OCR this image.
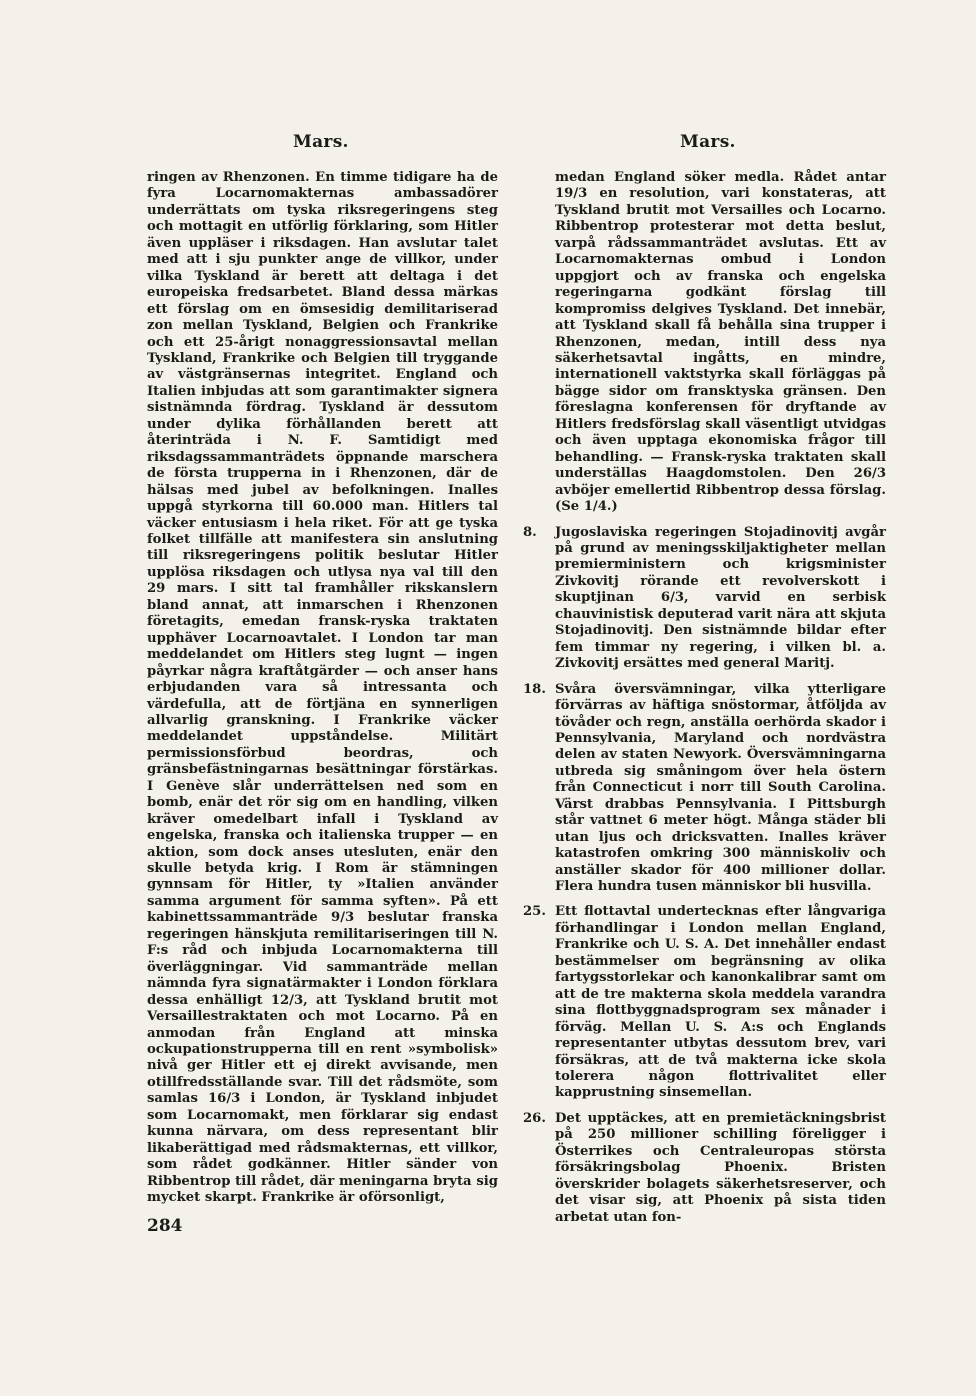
Mars.	Mars.

ringen av Rhenzonen. En timme tidigare ha de fyra Locarnomakternas ambassadörer underrättats om tyska riksregeringens steg och mottagit en utförlig förklaring, som Hitler även uppläser i riksdagen. Han avslutar talet med att i sju punkter ange de villkor, under vilka Tyskland är berett att deltaga i det europeiska fredsarbetet. Bland dessa märkas ett förslag om en ömsesidig demilitariserad zon mellan Tyskland, Belgien och Frankrike och ett 25-årigt nonaggressionsavtal mellan Tyskland, Frankrike och Belgien till tryggande av västgränsernas integritet. England och Italien inbjudas att som garantimakter signera sistnämnda fördrag. Tyskland är dessutom under dylika förhållanden berett att återinträda i N. F. Samtidigt med riksdagssammanträdets öppnande marschera de första trupperna in i Rhenzonen, där de hälsas med jubel av befolkningen. Inalles uppgå styrkorna till 60.000 man. Hitlers tal väcker entusiasm i hela riket. För att ge tyska folket tillfälle att manifestera sin anslutning till riksregeringens politik beslutar Hitler upplösa riksdagen och utlysa nya val till den 29 mars. I sitt tal framhåller rikskanslern bland annat, att inmarschen i Rhenzonen företagits, emedan fransk-ryska traktaten upphäver Locarnoavtalet. I London tar man meddelandet om Hitlers steg lugnt — ingen påyrkar några kraftåtgärder — och anser hans erbjudanden vara så intressanta och värdefulla, att de förtjäna en synnerligen allvarlig granskning. I Frankrike väcker meddelandet uppståndelse. Militärt permissionsförbud beordras, och gränsbefästningarnas besättningar förstärkas. I Genève slår underrättelsen ned som en bomb, enär det rör sig om en handling, vilken kräver omedelbart infall i Tyskland av engelska, franska och italienska trupper — en aktion, som dock anses utesluten, enär den skulle betyda krig. I Rom är stämningen gynnsam för Hitler, ty »Italien använder samma argument för samma syften». På ett kabinettssammanträde 9/3 beslutar franska regeringen hänskjuta remilitariseringen till N. F:s råd och inbjuda Locarnomakterna till överläggningar. Vid sammanträde mellan nämnda fyra signatärmakter i London förklara dessa enhälligt 12/3, att Tyskland brutit mot Versaillestraktaten och mot Locarno. På en anmodan från England att minska ockupationstrupperna till en rent »symbolisk» nivå ger Hitler ett ej direkt avvisande, men otillfredsställande svar. Till det rådsmöte, som samlas 16/3 i London, är Tyskland inbjudet som Locarnomakt, men förklarar sig endast kunna närvara, om dess representant blir likaberättigad med rådsmakternas, ett villkor, som rådet godkänner. Hitler sänder von Ribbentrop till rådet, där meningarna bryta sig mycket skarpt. Frankrike är oförsonligt,

medan England söker medla. Rådet antar 19/3 en resolution, vari konstateras, att Tyskland brutit mot Versailles och Locarno. Ribbentrop protesterar mot detta beslut, varpå rådssammanträdet avslutas. Ett av Locarnomakternas ombud i London uppgjort och av franska och engelska regeringarna godkänt förslag till kompromiss delgives Tyskland. Det innebär, att Tyskland skall få behålla sina trupper i Rhenzonen, medan, intill dess nya säkerhetsavtal ingåtts, en mindre, internationell vaktstyrka skall förläggas på bägge sidor om fransktyska gränsen. Den föreslagna konferensen för dryftande av Hitlers fredsförslag skall väsentligt utvidgas och även upptaga ekonomiska frågor till behandling. — Fransk-ryska traktaten skall underställas Haagdomstolen. Den 26/3 avböjer emellertid Ribbentrop dessa förslag. (Se 1/4.)

8.	Jugoslaviska regeringen Stojadinovitj avgår på grund av meningsskiljaktigheter mellan premierministern och krigsminister Zivkovitj rörande ett revolverskott i skuptjinan 6/3, varvid en serbisk chauvinistisk deputerad varit nära att skjuta Stojadinovitj. Den sistnämnde bildar efter fem timmar ny regering, i vilken bl. a. Zivkovitj ersättes med general Maritj.

18. Svåra översvämningar, vilka ytterligare förvärras av häftiga snöstormar, åtföljda av tövåder och regn, anställa oerhörda skador i Pennsylvania, Maryland och nordvästra delen av staten Newyork. Översvämningarna utbreda sig småningom över hela östern från Connecticut i norr till South Carolina. Värst drabbas Pennsylvania. I Pittsburgh står vattnet 6 meter högt. Många städer bli utan ljus och dricksvatten. Inalles kräver katastrofen omkring 300 människoliv och anställer skador för 400 millioner dollar. Flera hundra tusen människor bli husvilla.

25. Ett flottavtal undertecknas efter långvariga förhandlingar i London mellan England, Frankrike och U. S. A. Det innehåller endast bestämmelser om begränsning av olika fartygsstorlekar och kanonkalibrar samt om att de tre makterna skola meddela varandra sina flottbyggnadsprogram sex månader i förväg. Mellan U. S. A:s och Englands representanter utbytas dessutom brev, vari försäkras, att de två makterna icke skola tolerera någon flottrivalitet eller kapprustning sinsemellan.

26. Det upptäckes, att en premietäckningsbrist på 250 millioner schilling föreligger i Österrikes och Centraleuropas största försäkringsbolag Phoenix. Bristen överskrider bolagets säkerhetsreserver, och det visar sig, att Phoenix på sista tiden arbetat utan fon-

284
